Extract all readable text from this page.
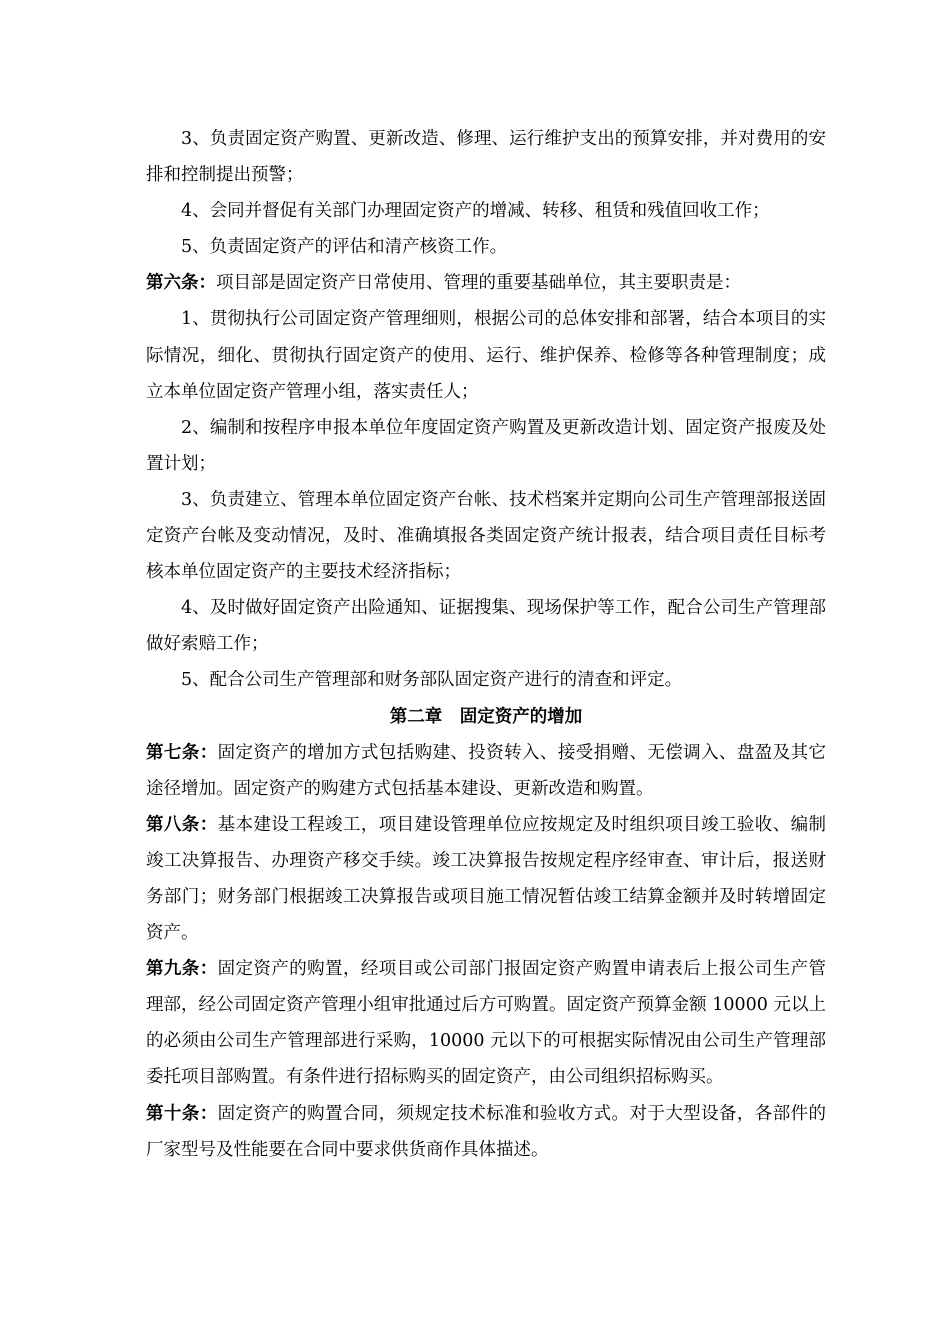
3、负责固定资产购置、更新改造、修理、运行维护支出的预算安排，并对费用的安排和控制提出预警；

4、会同并督促有关部门办理固定资产的增减、转移、租赁和残值回收工作；

5、负责固定资产的评估和清产核资工作。

第六条：项目部是固定资产日常使用、管理的重要基础单位，其主要职责是：

1、贯彻执行公司固定资产管理细则，根据公司的总体安排和部署，结合本项目的实际情况，细化、贯彻执行固定资产的使用、运行、维护保养、检修等各种管理制度；成立本单位固定资产管理小组，落实责任人；

2、编制和按程序申报本单位年度固定资产购置及更新改造计划、固定资产报废及处置计划；

3、负责建立、管理本单位固定资产台帐、技术档案并定期向公司生产管理部报送固定资产台帐及变动情况，及时、准确填报各类固定资产统计报表，结合项目责任目标考核本单位固定资产的主要技术经济指标；

4、及时做好固定资产出险通知、证据搜集、现场保护等工作，配合公司生产管理部做好索赔工作；

5、配合公司生产管理部和财务部队固定资产进行的清查和评定。

第二章　固定资产的增加

第七条：固定资产的增加方式包括购建、投资转入、接受捐赠、无偿调入、盘盈及其它途径增加。固定资产的购建方式包括基本建设、更新改造和购置。

第八条：基本建设工程竣工，项目建设管理单位应按规定及时组织项目竣工验收、编制竣工决算报告、办理资产移交手续。竣工决算报告按规定程序经审查、审计后，报送财务部门；财务部门根据竣工决算报告或项目施工情况暂估竣工结算金额并及时转增固定资产。

第九条：固定资产的购置，经项目或公司部门报固定资产购置申请表后上报公司生产管理部，经公司固定资产管理小组审批通过后方可购置。固定资产预算金额 10000 元以上的必须由公司生产管理部进行采购，10000 元以下的可根据实际情况由公司生产管理部委托项目部购置。有条件进行招标购买的固定资产，由公司组织招标购买。

第十条：固定资产的购置合同，须规定技术标准和验收方式。对于大型设备，各部件的厂家型号及性能要在合同中要求供货商作具体描述。
